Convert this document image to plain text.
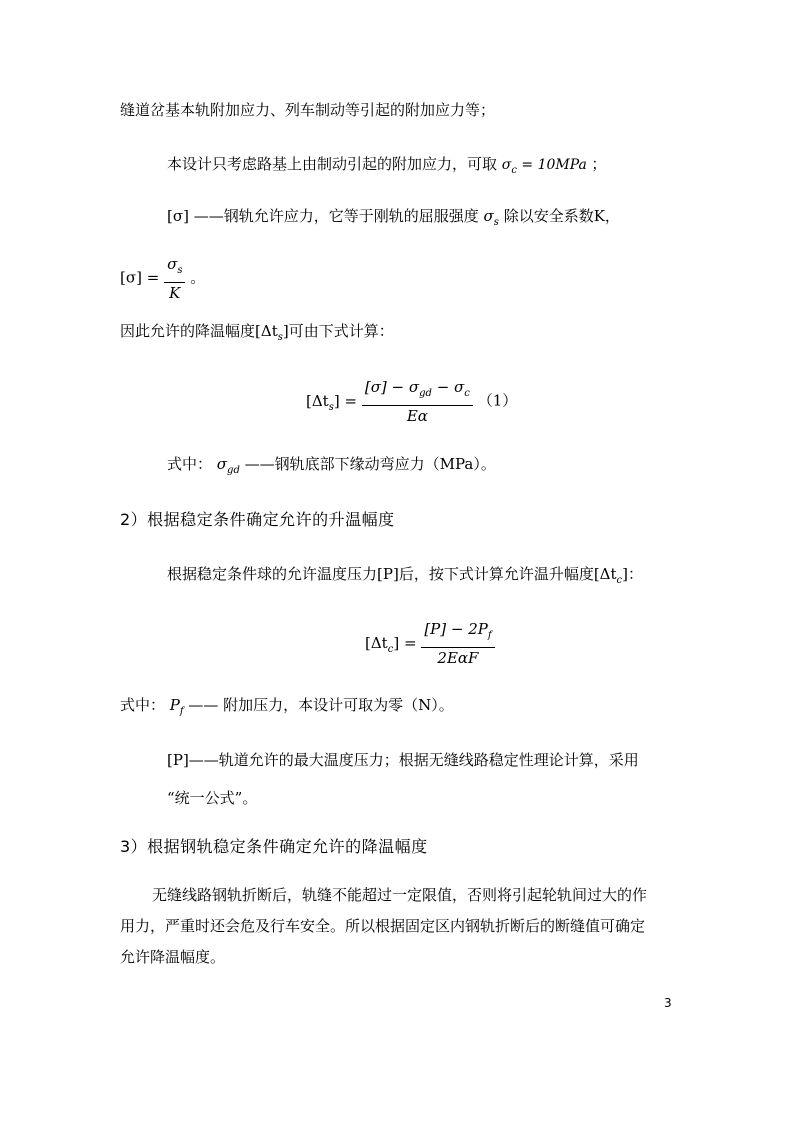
缝道岔基本轨附加应力、列车制动等引起的附加应力等；
本设计只考虑路基上由制动引起的附加应力，可取 $\sigma_c = 10MPa$ ；
[σ] ——钢轨允许应力，它等于刚轨的屈服强度 $\sigma_s$ 除以安全系数K，
$[\sigma] = \frac{\sigma_s}{K}$ 。
因此允许的降温幅度$[\Delta t_s]$可由下式计算：
$[\Delta t_s] = \frac{[\sigma] - \sigma_{gd} - \sigma_c}{E\alpha} (1)$
式中： $\sigma_{gd}$ ——钢轨底部下缘动弯应力（MPa）。
2）根据稳定条件确定允许的升温幅度
根据稳定条件球的允许温度压力[P]后，按下式计算允许温升幅度$[\Delta t_c]$：
$[\Delta t_c] = \frac{[P] - 2P_f}{\text{2EαF}}$
式中： $P_f$ —— 附加压力，本设计可取为零（N）。
[P]——轨道允许的最大温度压力；根据无缝线路稳定性理论计算，采用
“统一公式”。
3）根据钢轨稳定条件确定允许的降温幅度
无缝线路钢轨折断后，轨缝不能超过一定限值，否则将引起轮轨间过大的作
用力，严重时还会危及行车安全。所以根据固定区内钢轨折断后的断缝值可确定
允许降温幅度。
3
